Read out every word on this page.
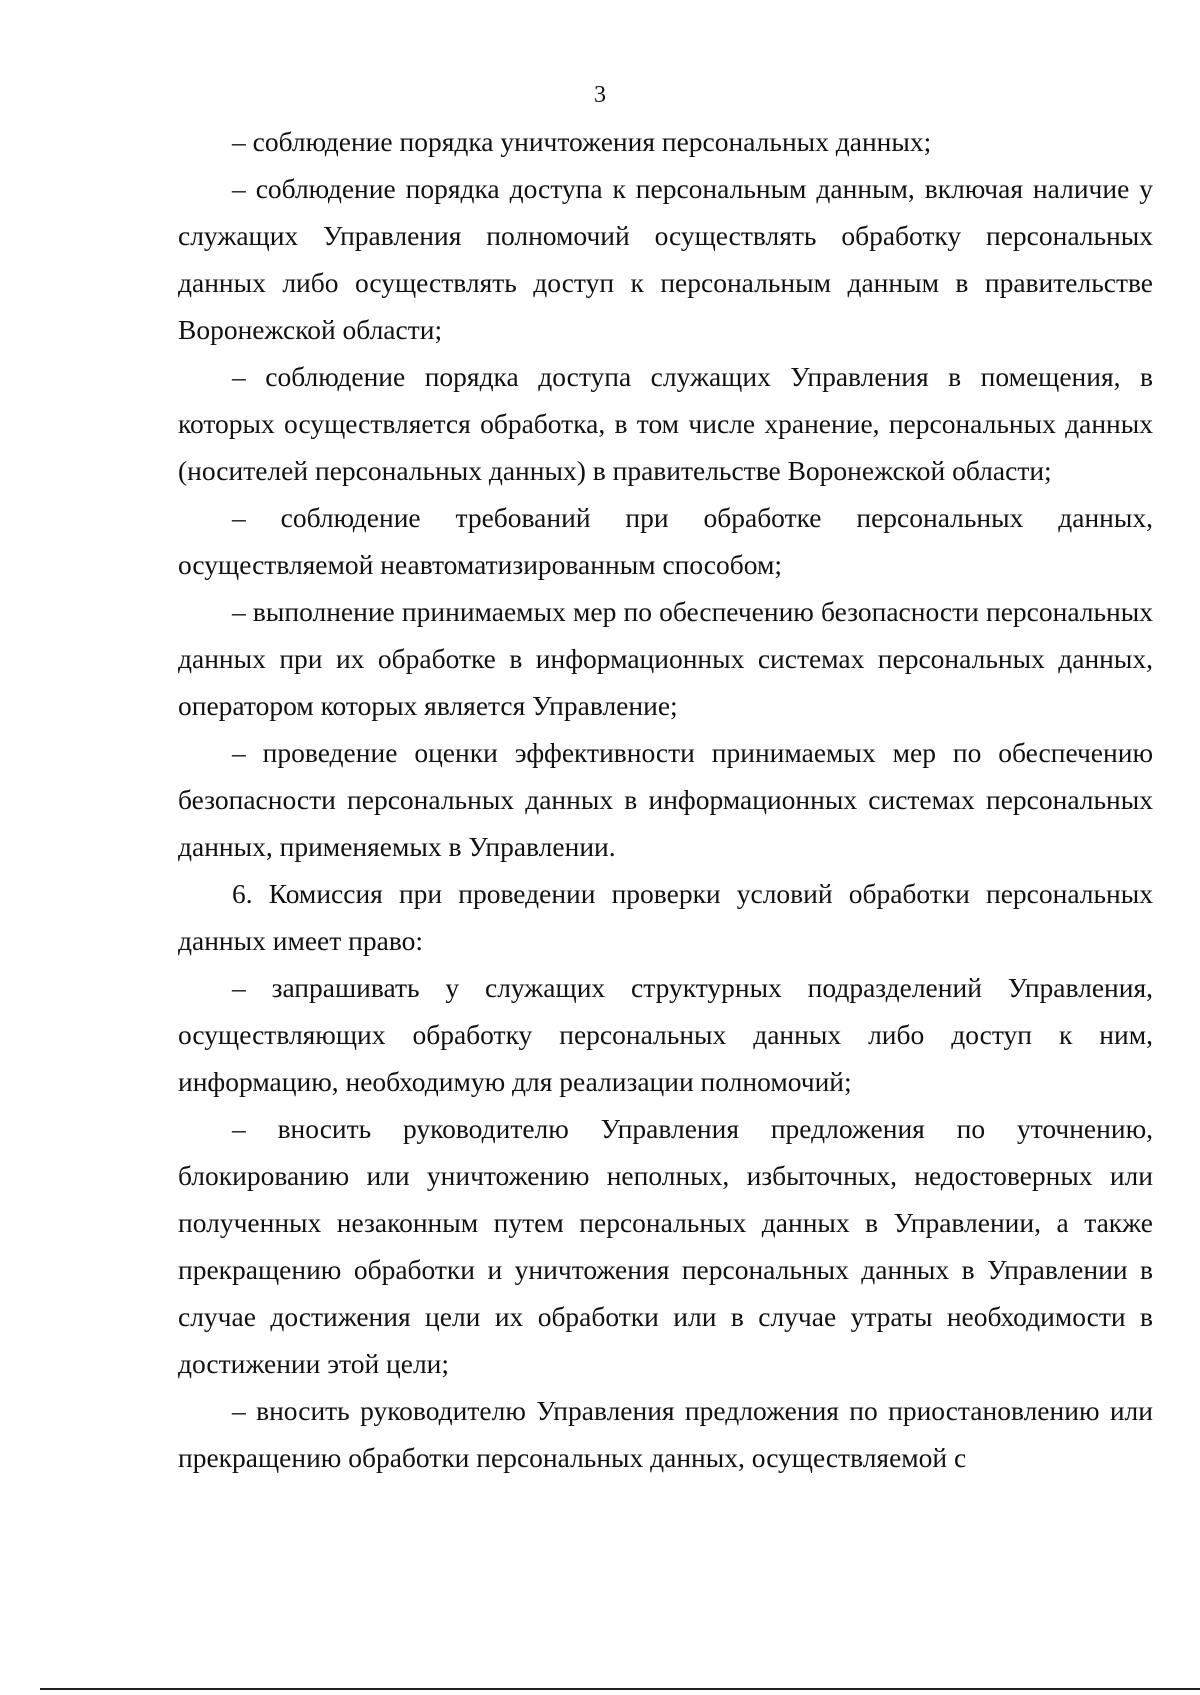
3

– соблюдение порядка уничтожения персональных данных;

– соблюдение порядка доступа к персональным данным, включая наличие у служащих Управления полномочий осуществлять обработку персональных данных либо осуществлять доступ к персональным данным в правительстве Воронежской области;

– соблюдение порядка доступа служащих Управления в помещения, в которых осуществляется обработка, в том числе хранение, персональных данных (носителей персональных данных) в правительстве Воронежской области;

– соблюдение требований при обработке персональных данных, осуществляемой неавтоматизированным способом;

– выполнение принимаемых мер по обеспечению безопасности персональных данных при их обработке в информационных системах персональных данных, оператором которых является Управление;

– проведение оценки эффективности принимаемых мер по обеспечению безопасности персональных данных в информационных системах персональных данных, применяемых в Управлении.

6. Комиссия при проведении проверки условий обработки персональных данных имеет право:

– запрашивать у служащих структурных подразделений Управления, осуществляющих обработку персональных данных либо доступ к ним, информацию, необходимую для реализации полномочий;

– вносить руководителю Управления предложения по уточнению, блокированию или уничтожению неполных, избыточных, недостоверных или полученных незаконным путем персональных данных в Управлении, а также прекращению обработки и уничтожения персональных данных в Управлении в случае достижения цели их обработки или в случае утраты необходимости в достижении этой цели;

– вносить руководителю Управления предложения по приостановлению или прекращению обработки персональных данных, осуществляемой с
